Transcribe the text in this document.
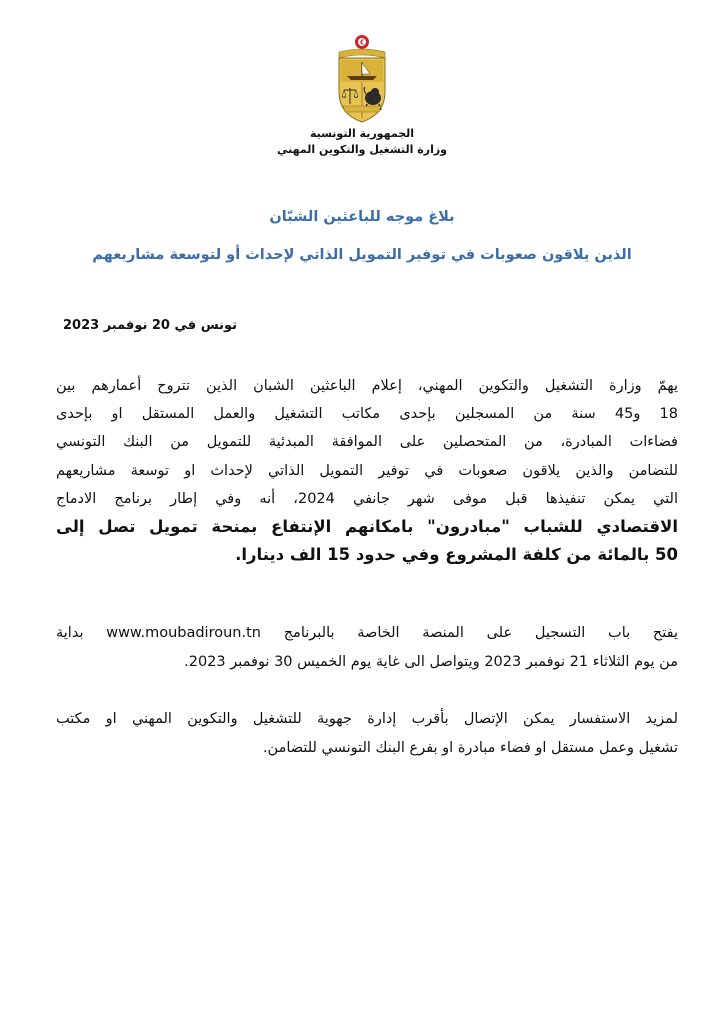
الجمهورية التونسية
وزارة التشغيل والتكوين المهني
بلاغ موجه للباعثين الشبّان
الذين يلاقون صعوبات في توفير التمويل الذاتي لإحداث أو لتوسعة مشاريعهم
تونس في 20 نوفمبر 2023
يهمّ وزارة التشغيل والتكوين المهني، إعلام الباعثين الشبان الذين تتروح أعمارهم بين
18 و45 سنة من المسجلين بإحدى مكاتب التشغيل والعمل المستقل او بإحدى
فضاءات المبادرة، من المتحصلين على الموافقة المبدئية للتمويل من البنك التونسي
للتضامن والذين يلاقون صعوبات في توفير التمويل الذاتي لإحداث او توسعة مشاريعهم
التي يمكن تنفيذها قبل موفى شهر جانفي 2024، أنه وفي إطار برنامج الادماج
الاقتصادي للشباب "مبادرون" بامكانهم الإنتفاع بمنحة تمويل تصل إلى
50 بالمائة من كلفة المشروع وفي حدود 15 الف دينارا.
يفتح باب التسجيل على المنصة الخاصة بالبرنامج www.moubadiroun.tn بداية
من يوم الثلاثاء 21 نوفمبر 2023 ويتواصل الى غاية يوم الخميس 30 نوفمبر 2023.
لمزيد الاستفسار يمكن الإتصال بأقرب إدارة جهوية للتشغيل والتكوين المهني او مكتب
تشغيل وعمل مستقل او فضاء مبادرة او بفرع البنك التونسي للتضامن.
